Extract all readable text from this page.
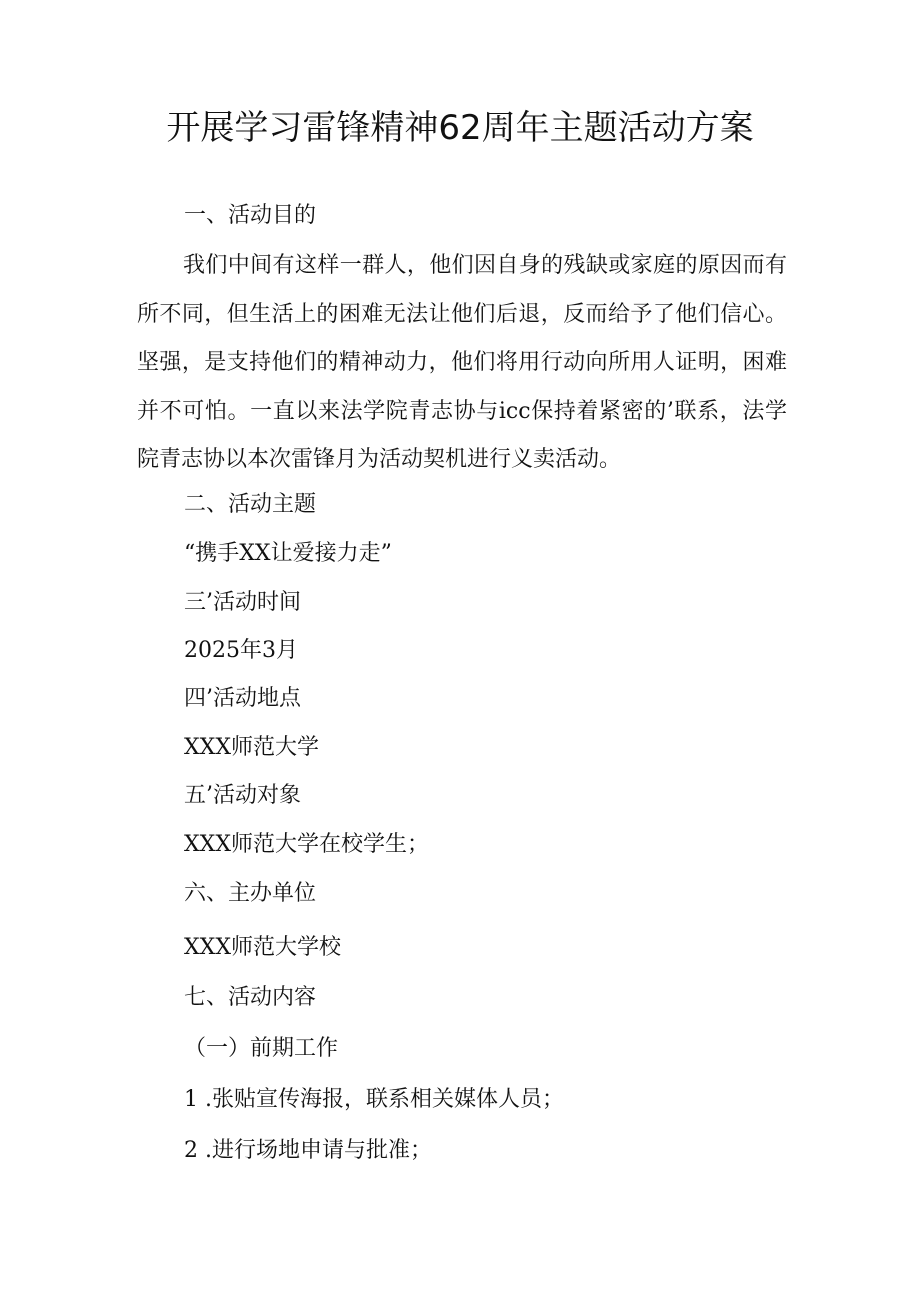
开展学习雷锋精神62周年主题活动方案
一、活动目的
我们中间有这样一群人，他们因自身的残缺或家庭的原因而有所不同，但生活上的困难无法让他们后退，反而给予了他们信心。坚强，是支持他们的精神动力，他们将用行动向所用人证明，困难并不可怕。一直以来法学院青志协与icc保持着紧密的’联系，法学院青志协以本次雷锋月为活动契机进行义卖活动。
二、活动主题
“携手XX让爱接力走”
三’活动时间
2025年3月
四’活动地点
XXX师范大学
五’活动对象
XXX师范大学在校学生；
六、主办单位
XXX师范大学校
七、活动内容
（一）前期工作
1 .张贴宣传海报，联系相关媒体人员；
2 .进行场地申请与批准；
